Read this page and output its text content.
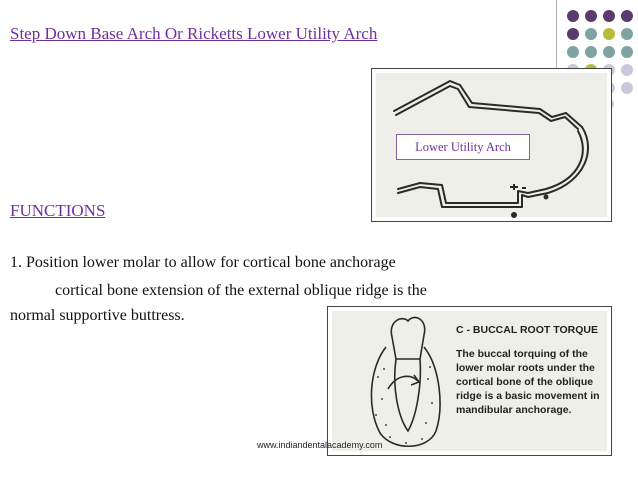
Step Down Base Arch Or Ricketts Lower Utility Arch
Lower Utility Arch
FUNCTIONS
1. Position lower molar to allow for cortical bone anchorage
cortical bone extension of the external oblique ridge is the
normal supportive buttress.
C - BUCCAL ROOT TORQUE
The buccal torquing of the
lower molar roots under the
cortical bone of the oblique
ridge is a basic movement in
mandibular anchorage.
www.indiandentalacademy.com
